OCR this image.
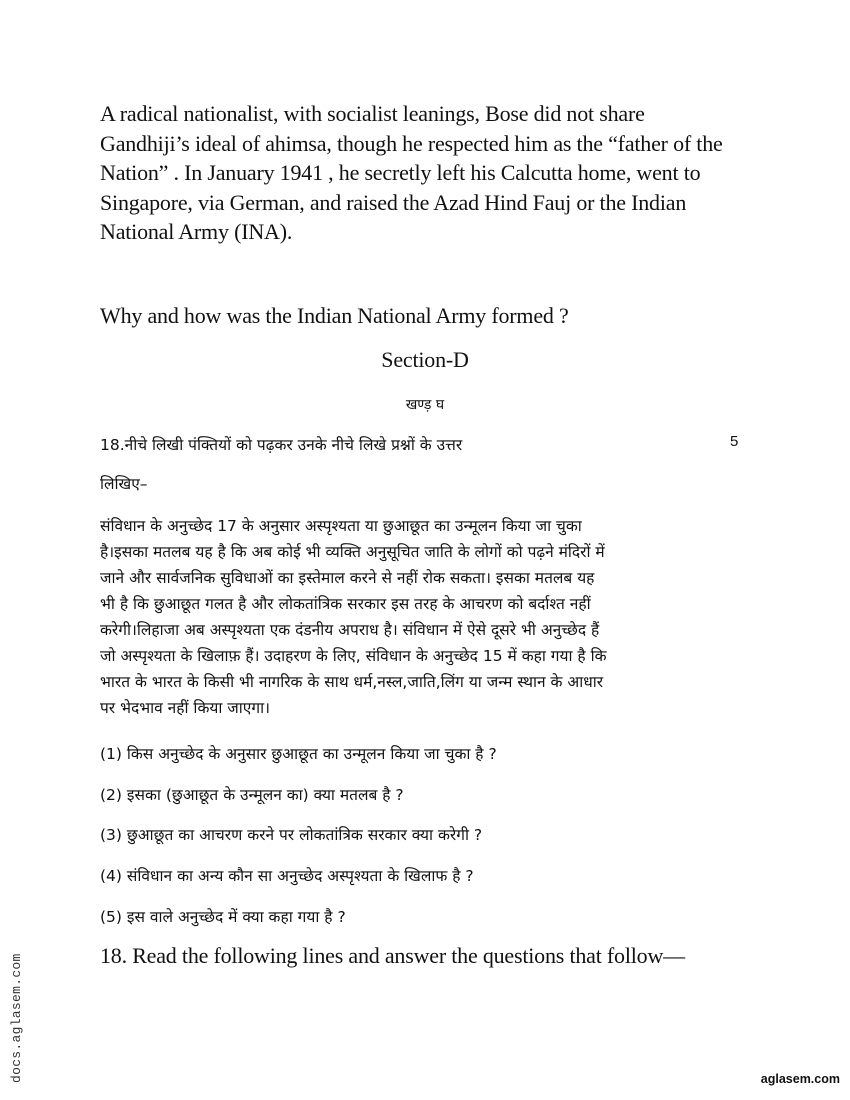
A radical nationalist, with socialist leanings, Bose did not share
Gandhiji’s ideal of ahimsa, though he respected him as the “father of the
Nation” . In January 1941 , he secretly left his Calcutta home, went to
Singapore, via German, and raised the Azad Hind Fauj or the Indian
National Army (INA).
Why and how was the Indian National Army formed ?
Section-D
खण्ड़ घ
18.नीचे लिखी पंक्तियों को पढ़कर उनके नीचे लिखे प्रश्नों के उत्तर	5
लिखिए–
संविधान के अनुच्छेद 17 के अनुसार अस्पृश्यता या छुआछूत का उन्मूलन किया जा चुका
है।इसका मतलब यह है कि अब कोई भी व्यक्ति अनुसूचित जाति के लोगों को पढ़ने मंदिरों में
जाने और सार्वजनिक सुविधाओं का इस्तेमाल करने से नहीं रोक सकता। इसका मतलब यह
भी है कि छुआछूत गलत है और लोकतांत्रिक सरकार इस तरह के आचरण को बर्दाश्त नहीं
करेगी।लिहाजा अब अस्पृश्यता एक दंडनीय अपराध है। संविधान में ऐसे दूसरे भी अनुच्छेद हैं
जो अस्पृश्यता के खिलाफ़ हैं। उदाहरण के लिए, संविधान के अनुच्छेद 15 में कहा गया है कि
भारत के भारत के किसी भी नागरिक के साथ धर्म,नस्ल,जाति,लिंग या जन्म स्थान के आधार
पर भेदभाव नहीं किया जाएगा।
(1) किस अनुच्छेद के अनुसार छुआछूत का उन्मूलन किया जा चुका है ?
(2) इसका (छुआछूत के उन्मूलन का) क्या मतलब है ?
(3) छुआछूत का आचरण करने पर लोकतांत्रिक सरकार क्या करेगी ?
(4) संविधान का अन्य कौन सा अनुच्छेद अस्पृश्यता के खिलाफ है ?
(5) इस वाले अनुच्छेद में क्या कहा गया है ?
18. Read the following lines and answer the questions that follow—
docs.aglasem.com	aglasem.com
